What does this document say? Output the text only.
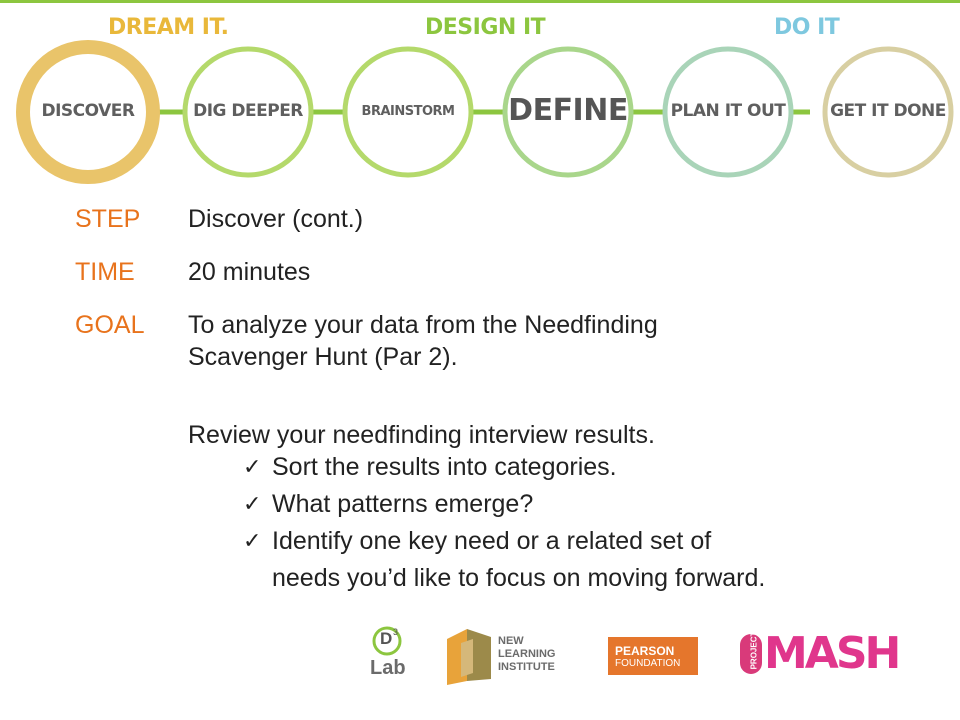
DREAM IT.	DESIGN IT	DO IT
DISCOVER	DIG DEEPER	BRAINSTORM	DEFINE	PLAN IT OUT	GET IT DONE
STEP Discover (cont.)
TIME 20 minutes
GOAL To analyze your data from the Needfinding
Scavenger Hunt (Par 2).
Review your needfinding interview results.
✓ Sort the results into categories.
✓ What patterns emerge?
✓ Identify one key need or a related set of
needs you’d like to focus on moving forward.
D 3
Lab
NEW
LEARNING
INSTITUTE
PEARSON
FOUNDATION	PROJECT MASH
